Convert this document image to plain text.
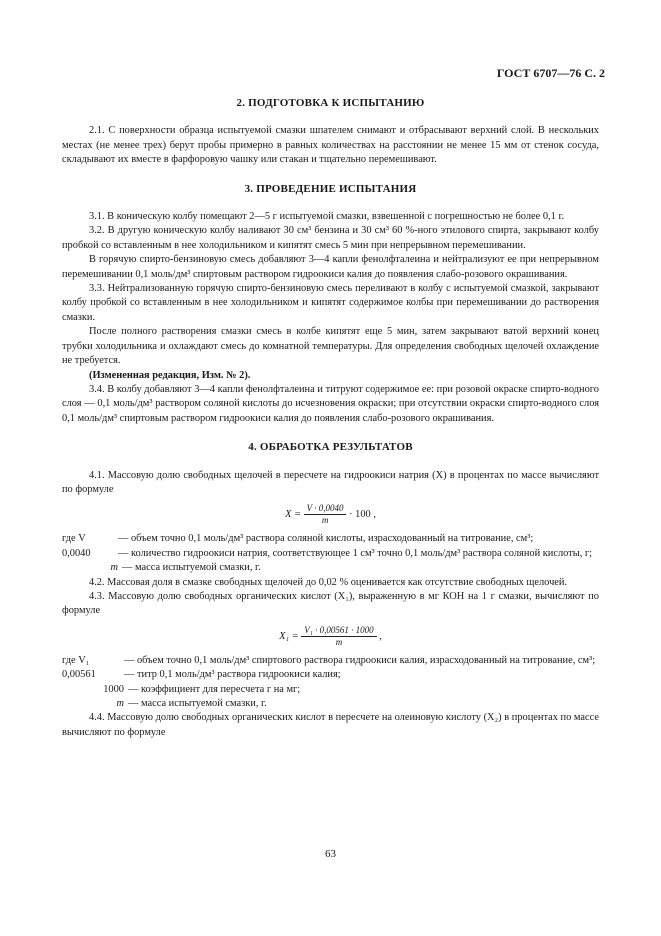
ГОСТ 6707—76 С. 2
2. ПОДГОТОВКА К ИСПЫТАНИЮ

2.1. С поверхности образца испытуемой смазки шпателем снимают и отбрасывают верхний слой. В нескольких местах (не менее трех) берут пробы примерно в равных количествах на расстоянии не менее 15 мм от стенок сосуда, складывают их вместе в фарфоровую чашку или стакан и тщательно перемешивают.

3. ПРОВЕДЕНИЕ ИСПЫТАНИЯ

3.1. В коническую колбу помещают 2—5 г испытуемой смазки, взвешенной с погрешностью не более 0,1 г.

3.2. В другую коническую колбу наливают 30 см³ бензина и 30 см³ 60 %-ного этилового спирта, закрывают колбу пробкой со вставленным в нее холодильником и кипятят смесь 5 мин при непрерывном перемешивании.

В горячую спирто-бензиновую смесь добавляют 3—4 капли фенолфталеина и нейтрализуют ее при непрерывном перемешивании 0,1 моль/дм³ спиртовым раствором гидроокиси калия до появления слабо-розового окрашивания.

3.3. Нейтрализованную горячую спирто-бензиновую смесь переливают в колбу с испытуемой смазкой, закрывают колбу пробкой со вставленным в нее холодильником и кипятят содержимое колбы при перемешивании до растворения смазки.

После полного растворения смазки смесь в колбе кипятят еще 5 мин, затем закрывают ватой верхний конец трубки холодильника и охлаждают смесь до комнатной температуры. Для определения свободных щелочей охлаждение не требуется.

(Измененная редакция, Изм. № 2).

3.4. В колбу добавляют 3—4 капли фенолфталеина и титруют содержимое ее: при розовой окраске спирто-водного слоя — 0,1 моль/дм³ раствором соляной кислоты до исчезновения окраски; при отсутствии окраски спирто-водного слоя 0,1 моль/дм³ спиртовым раствором гидроокиси калия до появления слабо-розового окрашивания.

4. ОБРАБОТКА РЕЗУЛЬТАТОВ

4.1. Массовую долю свободных щелочей в пересчете на гидроокиси натрия (X) в процентах по массе вычисляют по формуле

$X = \frac{V \cdot 0,0040}{m} \cdot 100$ ,
где V	— объем точно 0,1 моль/дм³ раствора соляной кислоты, израсходованный на титрование, см³;
0,0040	— количество гидроокиси натрия, соответствующее 1 см³ точно 0,1 моль/дм³ раствора соляной кислоты, г;
m — масса испытуемой смазки, г.

4.2. Массовая доля в смазке свободных щелочей до 0,02 % оценивается как отсутствие свободных щелочей.

4.3. Массовую долю свободных органических кислот (X₁), выраженную в мг КОН на 1 г смазки, вычисляют по формуле

$X_1 = \frac{\text{V₁ · 0,00561 · 1000}}{m}$ ,
где V₁	— объем точно 0,1 моль/дм³ спиртового раствора гидроокиси калия, израсходованный на титрование, см³;
0,00561	— титр 0,1 моль/дм³ раствора гидроокиси калия;
1000 — коэффициент для пересчета г на мг;
m — масса испытуемой смазки, г.

4.4. Массовую долю свободных органических кислот в пересчете на олеиновую кислоту (X₂) в процентах по массе вычисляют по формуле

63
